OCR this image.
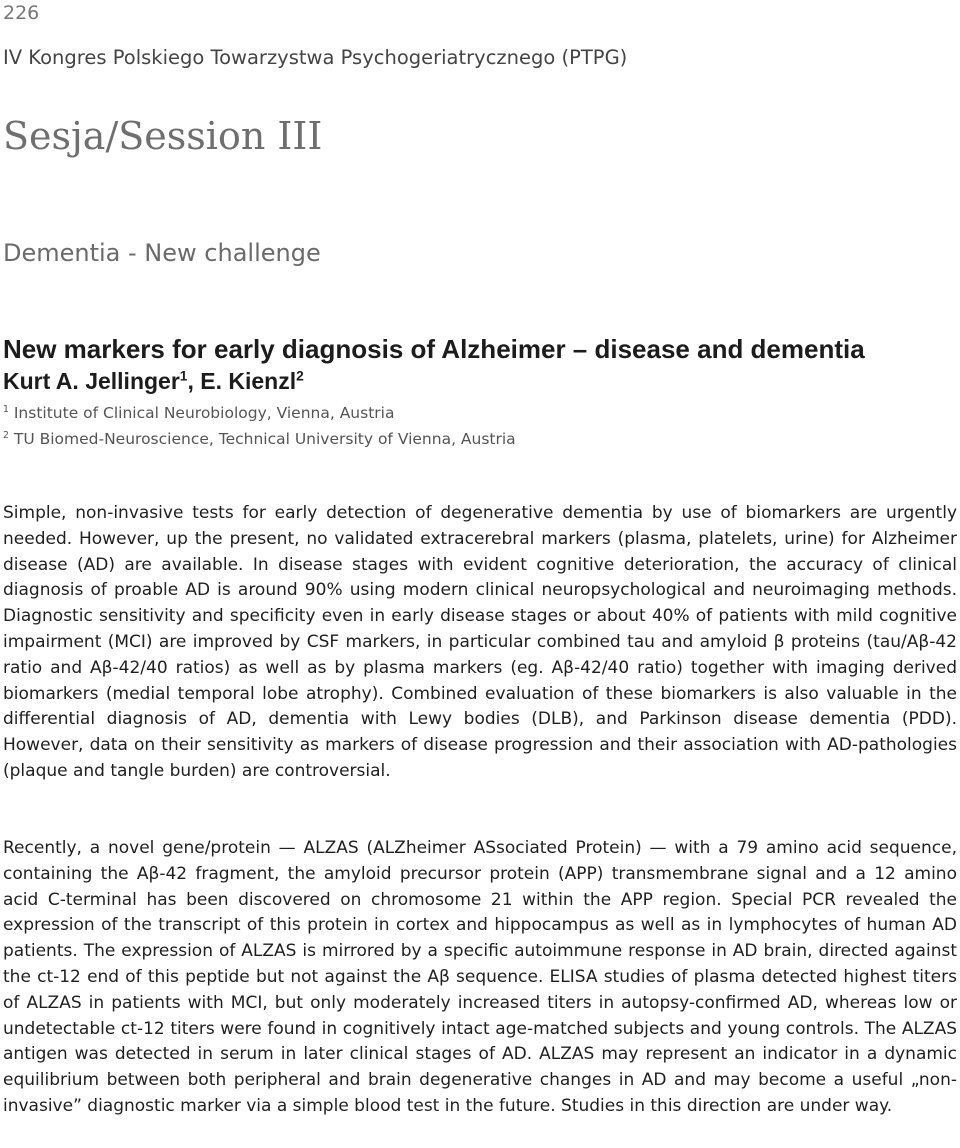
226
IV Kongres Polskiego Towarzystwa Psychogeriatrycznego (PTPG)
Sesja/Session III
Dementia - New challenge
New markers for early diagnosis of Alzheimer – disease and dementia
Kurt A. Jellinger$^1$, E. Kienzl$^2$
$^1$ Institute of Clinical Neurobiology, Vienna, Austria
$^2$ TU Biomed-Neuroscience, Technical University of Vienna, Austria

Simple, non-invasive tests for early detection of degenerative dementia by use of biomarkers are urgently needed. However, up the present, no validated extracerebral markers (plasma, platelets, urine) for Alzheimer disease (AD) are available. In disease stages with evident cognitive deterioration, the accuracy of clinical diagnosis of proable AD is around 90% using modern clinical neuropsychological and neuroimaging methods. Diagnostic sensitivity and specificity even in early disease stages or about 40% of patients with mild cognitive impairment (MCI) are improved by CSF markers, in particular combined tau and amyloid β proteins (tau/Aβ-42 ratio and Aβ-42/40 ratios) as well as by plasma markers (eg. Aβ-42/40 ratio) together with imaging derived biomarkers (medial temporal lobe atrophy). Combined evaluation of these biomarkers is also valuable in the differential diagnosis of AD, dementia with Lewy bodies (DLB), and Parkinson disease dementia (PDD). However, data on their sensitivity as markers of disease progression and their association with AD-pathologies (plaque and tangle burden) are controversial.

Recently, a novel gene/protein — ALZAS (ALZheimer ASsociated Protein) — with a 79 amino acid sequence, containing the Aβ-42 fragment, the amyloid precursor protein (APP) transmembrane signal and a 12 amino acid C-terminal has been discovered on chromosome 21 within the APP region. Special PCR revealed the expression of the transcript of this protein in cortex and hippocampus as well as in lymphocytes of human AD patients. The expression of ALZAS is mirrored by a specific autoimmune response in AD brain, directed against the ct-12 end of this peptide but not against the Aβ sequence. ELISA studies of plasma detected highest titers of ALZAS in patients with MCI, but only moderately increased titers in autopsy-confirmed AD, whereas low or undetectable ct-12 titers were found in cognitively intact age-matched subjects and young controls. The ALZAS antigen was detected in serum in later clinical stages of AD. ALZAS may represent an indicator in a dynamic equilibrium between both peripheral and brain degenerative changes in AD and may become a useful „non-invasive” diagnostic marker via a simple blood test in the future. Studies in this direction are under way.
